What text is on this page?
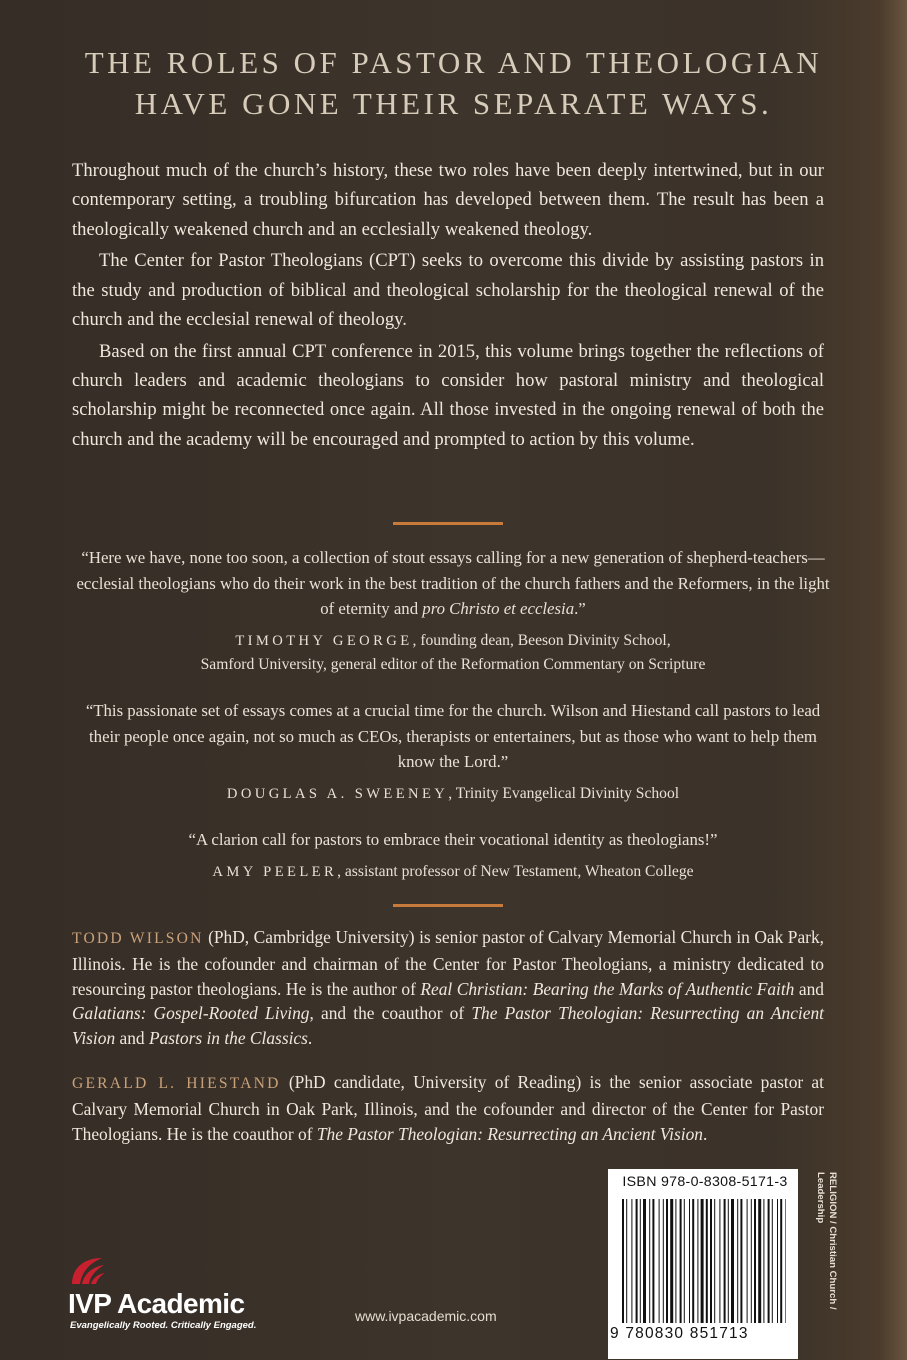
THE ROLES OF PASTOR AND THEOLOGIAN
HAVE GONE THEIR SEPARATE WAYS.

Throughout much of the church’s history, these two roles have been deeply intertwined, but in our contemporary setting, a troubling bifurcation has developed between them. The result has been a theologically weakened church and an ecclesially weakened theology.

The Center for Pastor Theologians (CPT) seeks to overcome this divide by assisting pastors in the study and production of biblical and theological scholarship for the theological renewal of the church and the ecclesial renewal of theology.

Based on the first annual CPT conference in 2015, this volume brings together the reflections of church leaders and academic theologians to consider how pastoral ministry and theological scholarship might be reconnected once again. All those invested in the ongoing renewal of both the church and the academy will be encouraged and prompted to action by this volume.

“Here we have, none too soon, a collection of stout essays calling for a new generation of shepherd-teachers—ecclesial theologians who do their work in the best tradition of the church fathers and the Reformers, in the light of eternity and pro Christo et ecclesia.”

TIMOTHY GEORGE, founding dean, Beeson Divinity School,
Samford University, general editor of the Reformation Commentary on Scripture

“This passionate set of essays comes at a crucial time for the church. Wilson and Hiestand call pastors to lead their people once again, not so much as CEOs, therapists or entertainers, but as those who want to help them know the Lord.”

DOUGLAS A. SWEENEY, Trinity Evangelical Divinity School

“A clarion call for pastors to embrace their vocational identity as theologians!”

AMY PEELER, assistant professor of New Testament, Wheaton College

TODD WILSON (PhD, Cambridge University) is senior pastor of Calvary Memorial Church in Oak Park, Illinois. He is the cofounder and chairman of the Center for Pastor Theologians, a ministry dedicated to resourcing pastor theologians. He is the author of Real Christian: Bearing the Marks of Authentic Faith and Galatians: Gospel-Rooted Living, and the coauthor of The Pastor Theologian: Resurrecting an Ancient Vision and Pastors in the Classics.
GERALD L. HIESTAND (PhD candidate, University of Reading) is the senior associate pastor at Calvary Memorial Church in Oak Park, Illinois, and the cofounder and director of the Center for Pastor Theologians. He is the coauthor of The Pastor Theologian: Resurrecting an Ancient Vision.
ISBN 978-0-8308-5171-3
9 780830 851713
RELIGION / Christian Church / Leadership
IVP Academic
Evangelically Rooted. Critically Engaged.
www.ivpacademic.com
